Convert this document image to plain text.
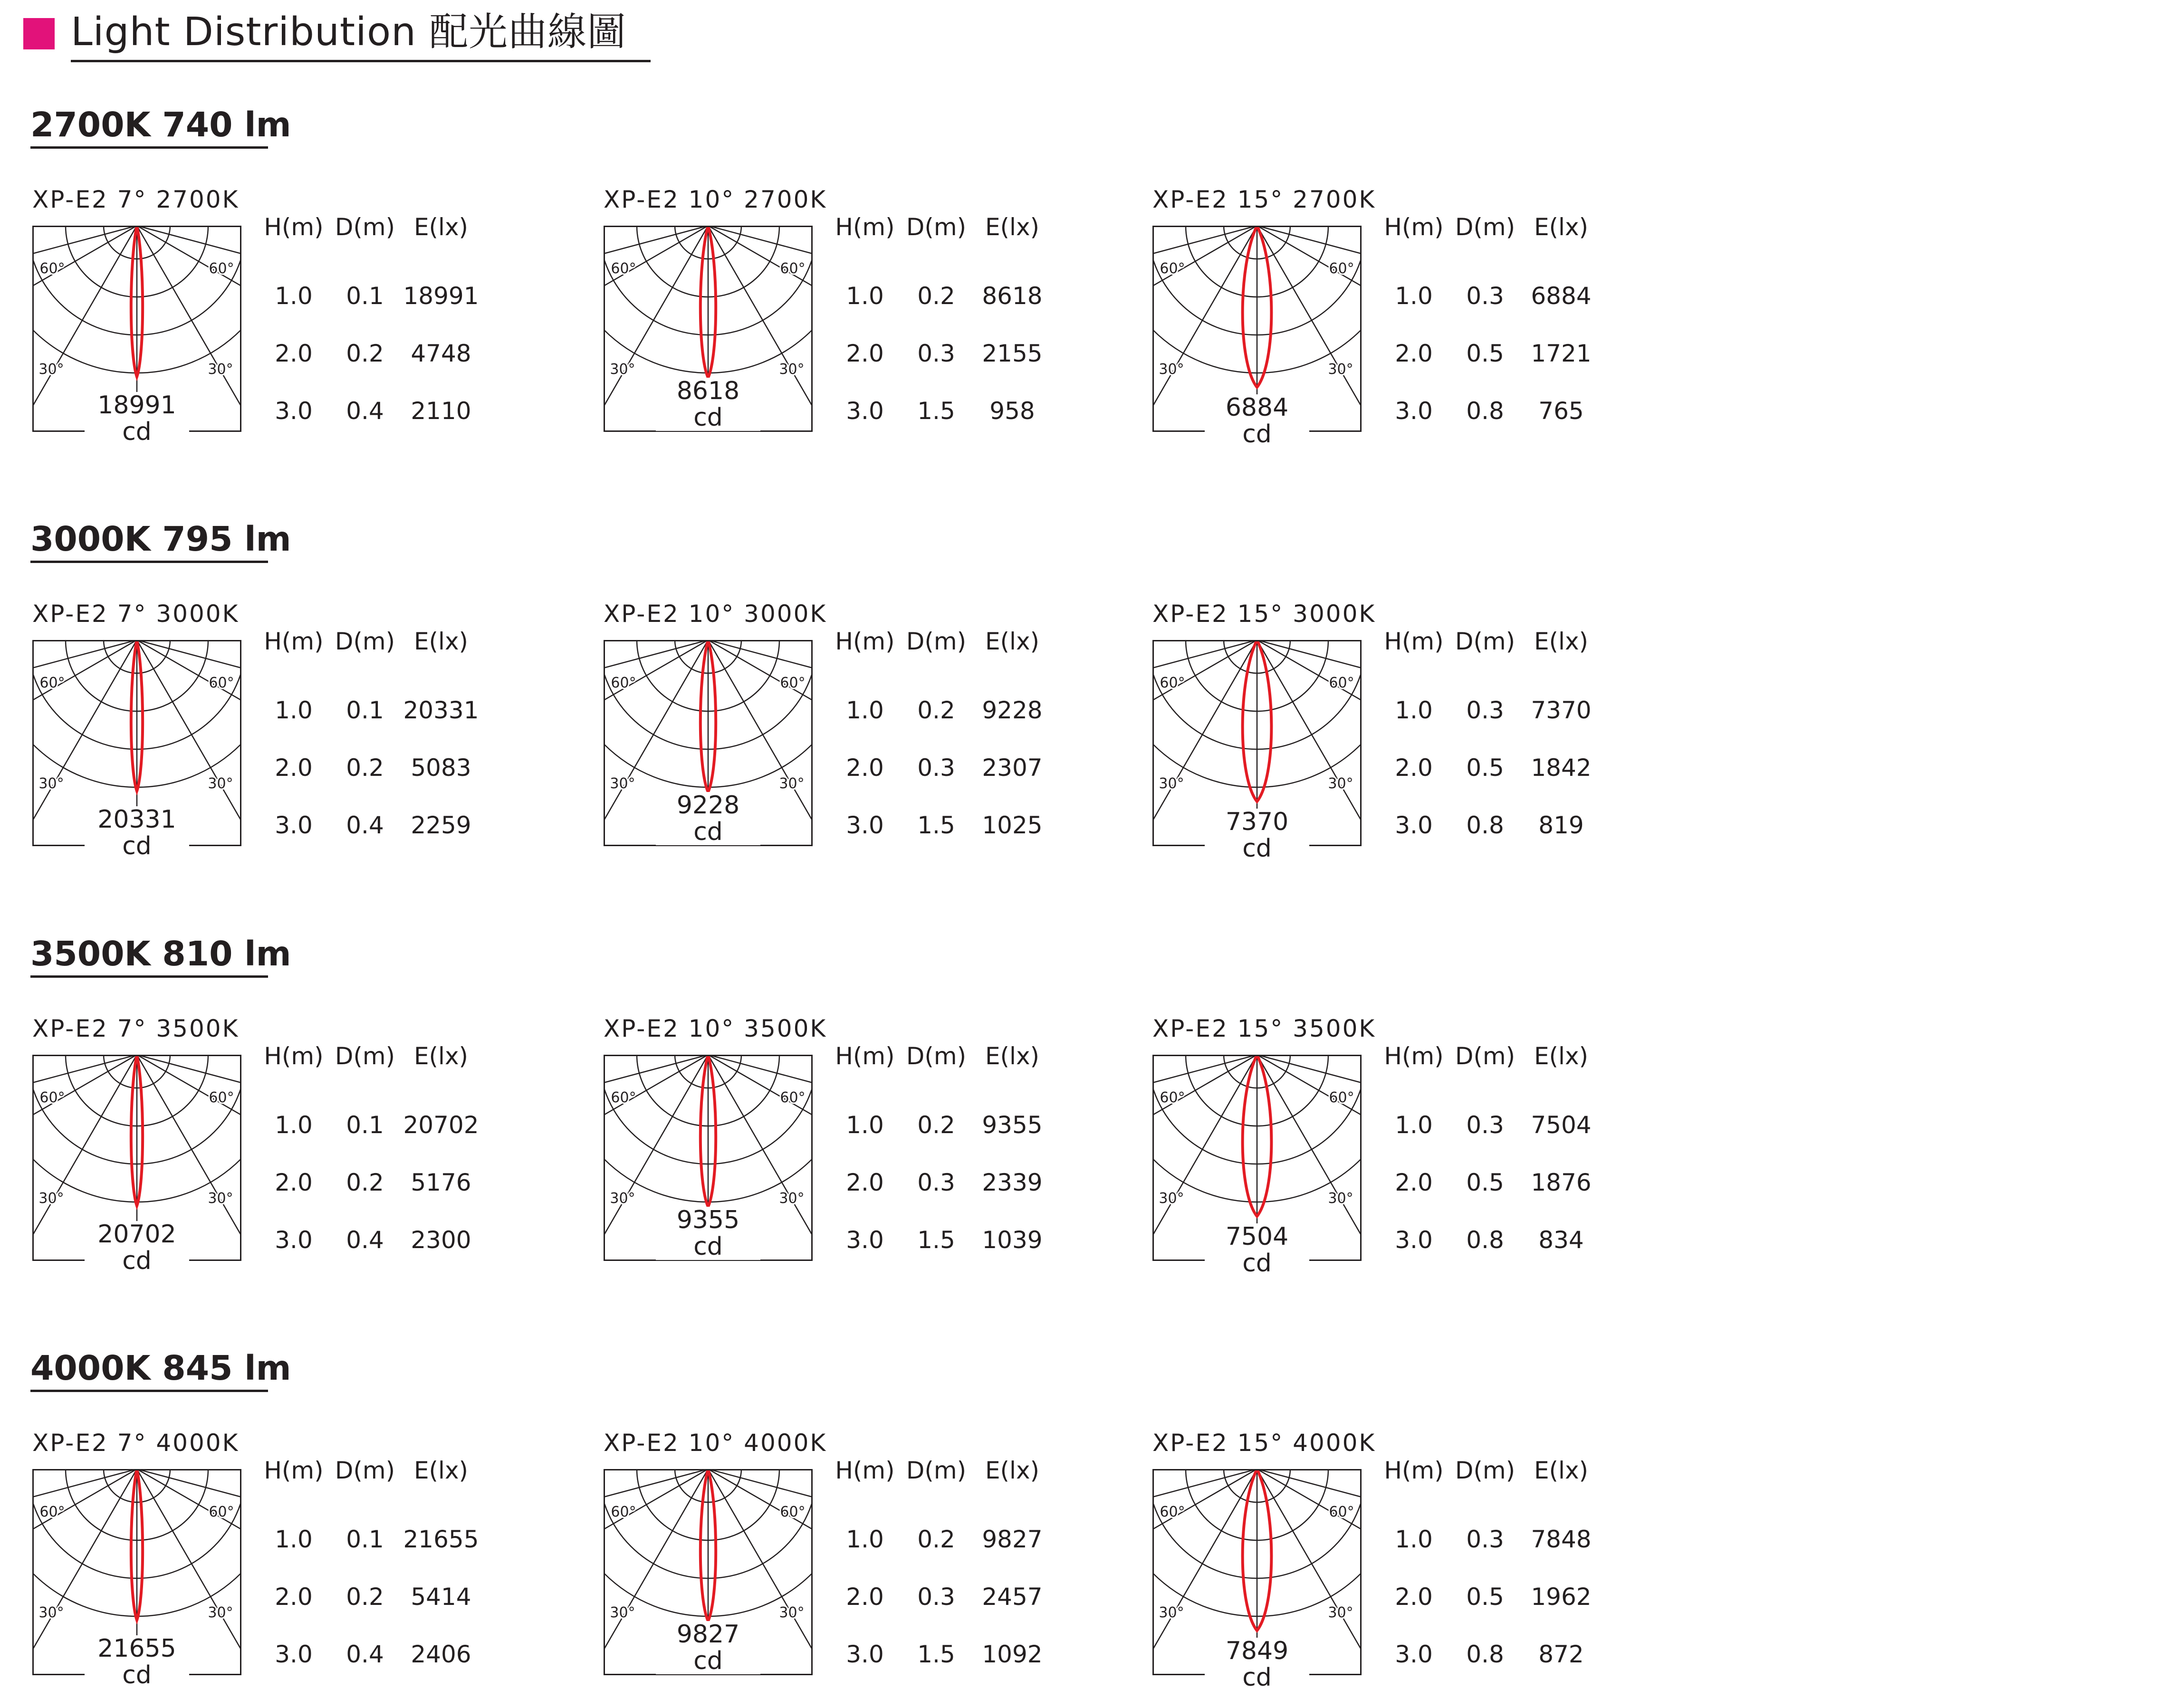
Light Distribution 配光曲線圖
2700K 740 lm
XP-E2 7° 2700K
60°	60°
30°	30°
18991 cd
H(m) D(m) E(lx)
1.0	0.1 18991
2.0	0.2	4748
3.0	0.4	2110
XP-E2 10° 2700K
60°	60°
30°	30°
8618 cd
H(m) D(m) E(lx)
1.0	0.2	8618
2.0	0.3	2155
3.0	1.5	958
XP-E2 15° 2700K
60°	60°
30°	30°
6884 cd
H(m) D(m) E(lx)
1.0	0.3	6884
2.0	0.5	1721
3.0	0.8	765
3000K 795 lm
XP-E2 7° 3000K
60°	60°
30°	30°
20331 cd
H(m) D(m) E(lx)
1.0	0.1 20331
2.0	0.2	5083
3.0	0.4	2259
XP-E2 10° 3000K
60°	60°
30°	30°
9228 cd
H(m) D(m) E(lx)
1.0	0.2	9228
2.0	0.3	2307
3.0	1.5	1025
XP-E2 15° 3000K
60°	60°
30°	30°
7370 cd
H(m) D(m) E(lx)
1.0	0.3	7370
2.0	0.5	1842
3.0	0.8	819
3500K 810 lm
XP-E2 7° 3500K
60°	60°
30°	30°
20702 cd
H(m) D(m) E(lx)
1.0	0.1 20702
2.0	0.2	5176
3.0	0.4	2300
XP-E2 10° 3500K
60°	60°
30°	30°
9355 cd
H(m) D(m) E(lx)
1.0	0.2	9355
2.0	0.3	2339
3.0	1.5	1039
XP-E2 15° 3500K
60°	60°
30°	30°
7504 cd
H(m) D(m) E(lx)
1.0	0.3	7504
2.0	0.5	1876
3.0	0.8	834
4000K 845 lm
XP-E2 7° 4000K
60°	60°
30°	30°
21655 cd
H(m) D(m) E(lx)
1.0	0.1 21655
2.0	0.2	5414
3.0	0.4	2406
XP-E2 10° 4000K
60°	60°
30°	30°
9827 cd
H(m) D(m) E(lx)
1.0	0.2	9827
2.0	0.3	2457
3.0	1.5	1092
XP-E2 15° 4000K
60°	60°
30°	30°
7849 cd
H(m) D(m) E(lx)
1.0	0.3	7848
2.0	0.5	1962
3.0	0.8	872
